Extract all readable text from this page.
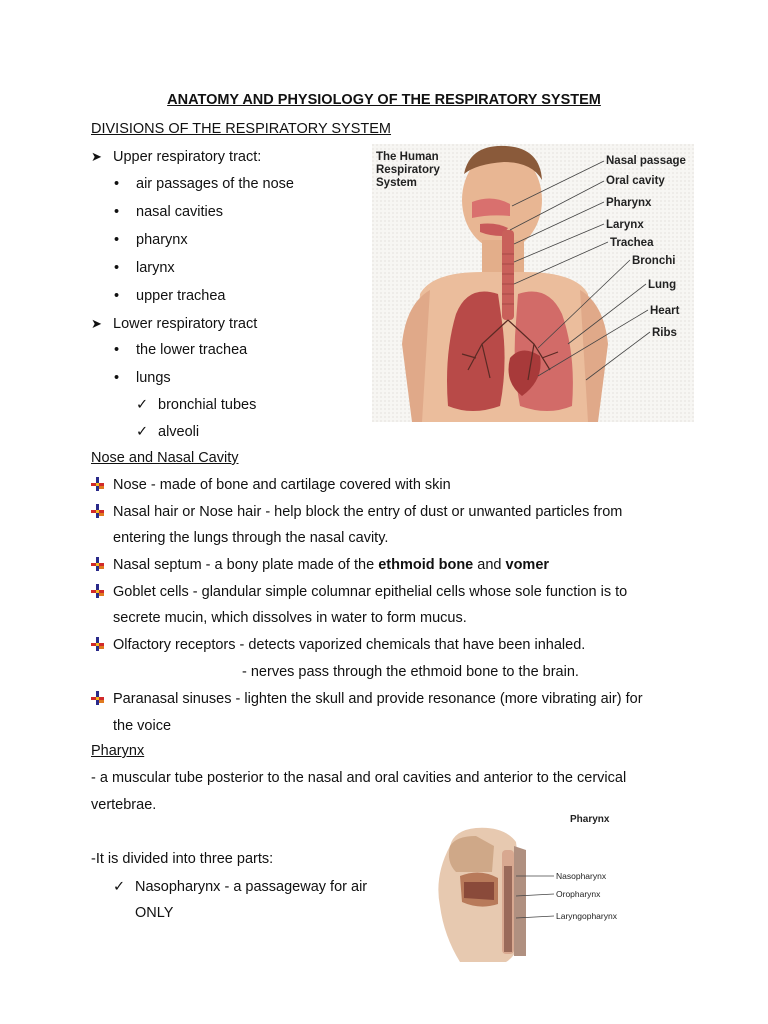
ANATOMY AND PHYSIOLOGY OF THE RESPIRATORY SYSTEM
DIVISIONS OF THE RESPIRATORY SYSTEM
➤ Upper respiratory tract:
• air passages of the nose
• nasal cavities
• pharynx
• larynx
• upper trachea
➤ Lower respiratory tract
• the lower trachea
• lungs
✓ bronchial tubes
✓ alveoli
The Human
Respiratory
System
Nasal passage
Oral cavity
Pharynx
Larynx
Trachea
Bronchi
Lung
Heart
Ribs
Nose and Nasal Cavity
Nose - made of bone and cartilage covered with skin
Nasal hair or Nose hair - help block the entry of dust or unwanted particles from
entering the lungs through the nasal cavity.
Nasal septum - a bony plate made of the ethmoid bone and vomer
Goblet cells - glandular simple columnar epithelial cells whose sole function is to
secrete mucin, which dissolves in water to form mucus.
Olfactory receptors - detects vaporized chemicals that have been inhaled.
- nerves pass through the ethmoid bone to the brain.
Paranasal sinuses - lighten the skull and provide resonance (more vibrating air) for
the voice
Pharynx
- a muscular tube posterior to the nasal and oral cavities and anterior to the cervical
vertebrae.
-It is divided into three parts:
✓ Nasopharynx - a passageway for air
ONLY
Pharynx
Nasopharynx
Oropharynx
Laryngopharynx
